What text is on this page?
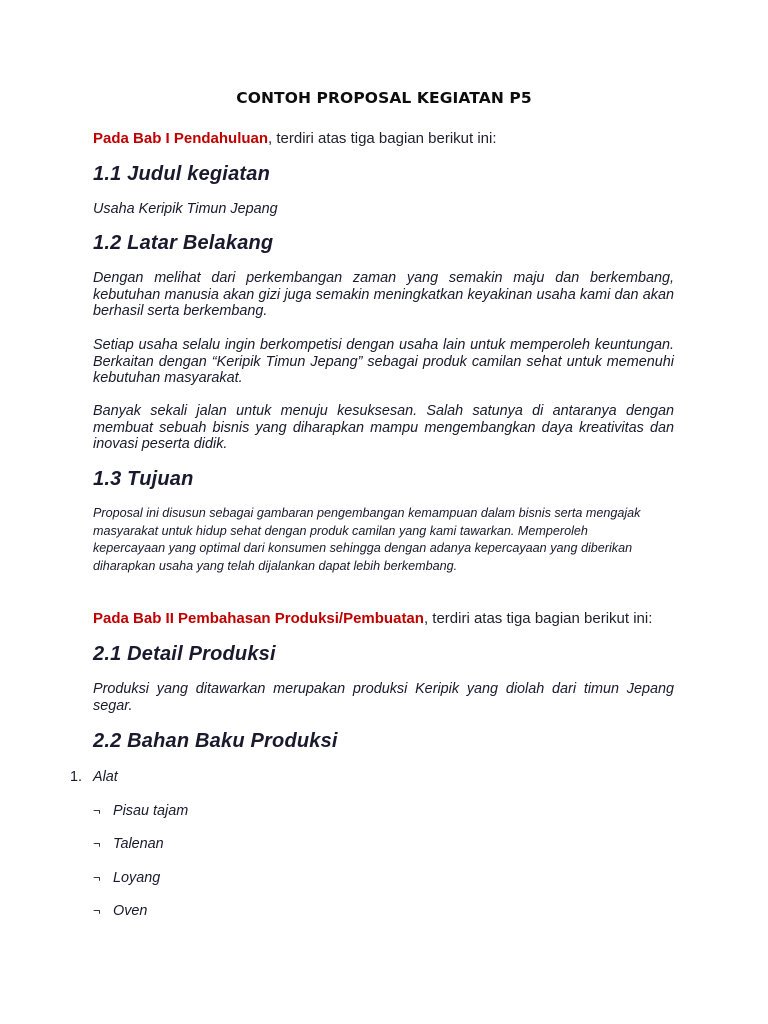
CONTOH PROPOSAL KEGIATAN P5
Pada Bab I Pendahuluan, terdiri atas tiga bagian berikut ini:
1.1 Judul kegiatan
Usaha Keripik Timun Jepang
1.2 Latar Belakang
Dengan melihat dari perkembangan zaman yang semakin maju dan berkembang, kebutuhan manusia akan gizi juga semakin meningkatkan keyakinan usaha kami dan akan berhasil serta berkembang.
Setiap usaha selalu ingin berkompetisi dengan usaha lain untuk memperoleh keuntungan. Berkaitan dengan “Keripik Timun Jepang” sebagai produk camilan sehat untuk memenuhi kebutuhan masyarakat.
Banyak sekali jalan untuk menuju kesuksesan. Salah satunya di antaranya dengan membuat sebuah bisnis yang diharapkan mampu mengembangkan daya kreativitas dan inovasi peserta didik.
1.3 Tujuan
Proposal ini disusun sebagai gambaran pengembangan kemampuan dalam bisnis serta mengajak masyarakat untuk hidup sehat dengan produk camilan yang kami tawarkan. Memperoleh kepercayaan yang optimal dari konsumen sehingga dengan adanya kepercayaan yang diberikan diharapkan usaha yang telah dijalankan dapat lebih berkembang.
Pada Bab II Pembahasan Produksi/Pembuatan, terdiri atas tiga bagian berikut ini:
2.1 Detail Produksi
Produksi yang ditawarkan merupakan produksi Keripik yang diolah dari timun Jepang segar.
2.2 Bahan Baku Produksi
1. Alat
¬ Pisau tajam
¬ Talenan
¬ Loyang
¬ Oven
